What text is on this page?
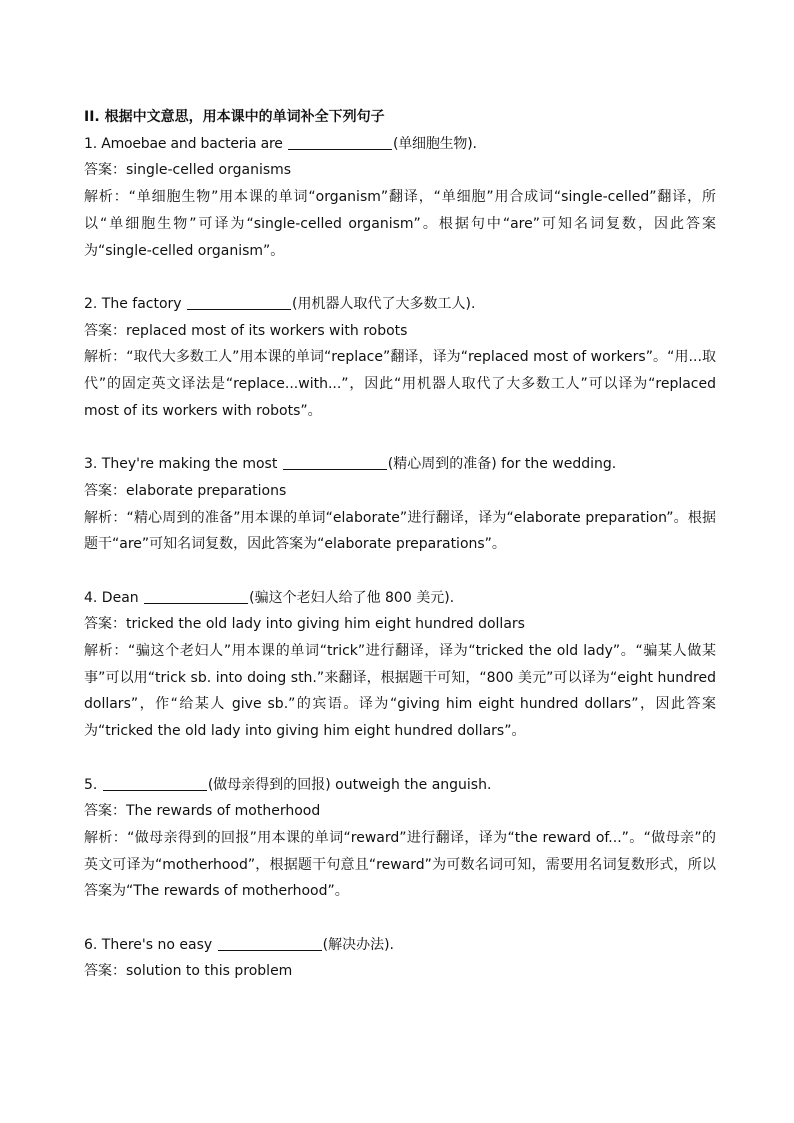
II. 根据中文意思，用本课中的单词补全下列句子

1. Amoebae and bacteria are	(单细胞生物).

答案：single-celled organisms

解析：“单细胞生物”用本课的单词“organism”翻译，“单细胞”用合成词“single-celled”翻译，所以“单细胞生物”可译为“single-celled organism”。根据句中“are”可知名词复数，因此答案为“single-celled organism”。

2. The factory	(用机器人取代了大多数工人).

答案：replaced most of its workers with robots

解析：“取代大多数工人”用本课的单词“replace”翻译，译为“replaced most of workers”。“用...取代”的固定英文译法是“replace...with...”，因此“用机器人取代了大多数工人”可以译为“replaced most of its workers with robots”。

3. They're making the most	(精心周到的准备) for the wedding.

答案：elaborate preparations

解析：“精心周到的准备”用本课的单词“elaborate”进行翻译，译为“elaborate preparation”。根据题干“are”可知名词复数，因此答案为“elaborate preparations”。

4. Dean	(骗这个老妇人给了他 800 美元).

答案：tricked the old lady into giving him eight hundred dollars

解析：“骗这个老妇人”用本课的单词“trick”进行翻译，译为“tricked the old lady”。“骗某人做某事”可以用“trick sb. into doing sth.”来翻译，根据题干可知，“800 美元”可以译为“eight hundred dollars”，作“给某人 give sb.”的宾语。译为“giving him eight hundred dollars”，因此答案为“tricked the old lady into giving him eight hundred dollars”。

5.	(做母亲得到的回报) outweigh the anguish.

答案：The rewards of motherhood

解析：“做母亲得到的回报”用本课的单词“reward”进行翻译，译为“the reward of...”。“做母亲”的英文可译为“motherhood”，根据题干句意且“reward”为可数名词可知，需要用名词复数形式，所以答案为“The rewards of motherhood”。

6. There's no easy	(解决办法).

答案：solution to this problem
